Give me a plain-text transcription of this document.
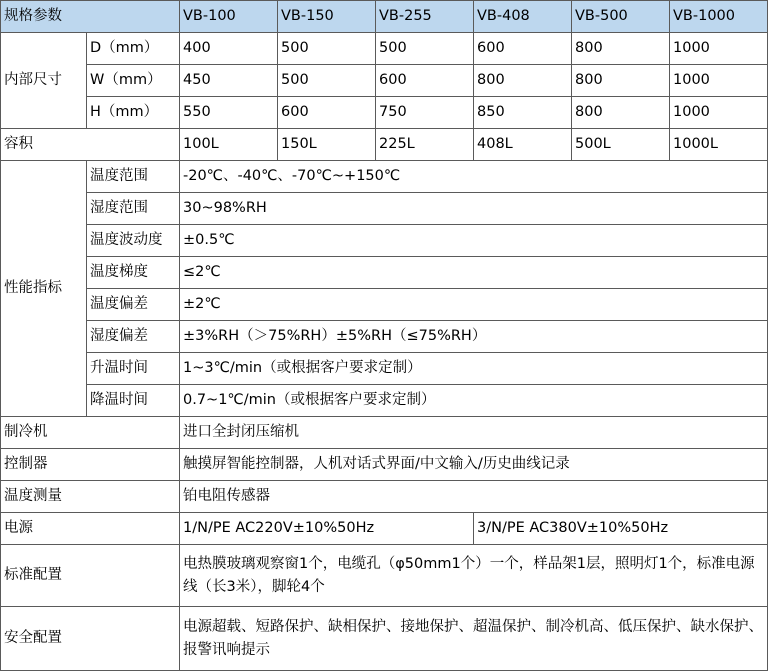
规格参数		VB-100	VB-150	VB-255	VB-408	VB-500	VB-1000
内部尺寸	D（mm）	400	500	500	600	800	1000
	W（mm）	450	500	600	800	800	1000
	H（mm）	550	600	750	850	800	1000
容积		100L	150L	225L	408L	500L	1000L
性能指标	温度范围	-20℃、-40℃、-70℃~+150℃					
	湿度范围	30~98%RH					
	温度波动度	±0.5℃					
	温度梯度	≤2℃					
	温度偏差	±2℃					
	湿度偏差	±3%RH（＞75%RH）±5%RH（≤75%RH）					
	升温时间	1~3℃/min（或根据客户要求定制）					
	降温时间	0.7~1℃/min（或根据客户要求定制）					
制冷机		进口全封闭压缩机					
控制器		触摸屏智能控制器，人机对话式界面/中文输入/历史曲线记录					
温度测量		铂电阻传感器					
电源		1/N/PE AC220V±10%50Hz			3/N/PE AC380V±10%50Hz		
标准配置		电热膜玻璃观察窗1个，电缆孔（φ50mm1个）一个，样品架1层，照明灯1个，标准电源线（长3米），脚轮4个					
安全配置		电源超载、短路保护、缺相保护、接地保护、超温保护、制冷机高、低压保护、缺水保护、报警讯响提示					
